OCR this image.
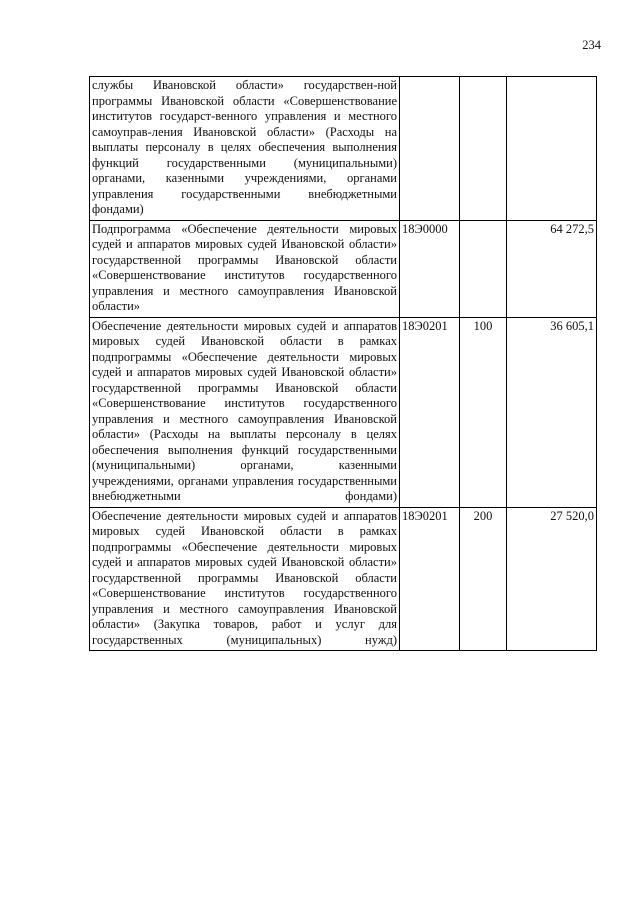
234
службы Ивановской области» государствен-ной программы Ивановской области «Совершенствование институтов государст-венного управления и местного самоуправ-ления Ивановской области» (Расходы на выплаты персоналу в целях обеспечения выполнения функций государственными (муниципальными) органами, казенными учреждениями, органами управления государственными внебюджетными фондами)			
Подпрограмма «Обеспечение деятельности мировых судей и аппаратов мировых судей Ивановской области» государственной программы Ивановской области «Совершенствование институтов государственного управления и местного самоуправления Ивановской области»	18Э0000		64 272,5
Обеспечение деятельности мировых судей и аппаратов мировых судей Ивановской области в рамках подпрограммы «Обеспечение деятельности мировых судей и аппаратов мировых судей Ивановской области» государственной программы Ивановской области «Совершенствование институтов государственного управления и местного самоуправления Ивановской области» (Расходы на выплаты персоналу в целях обеспечения выполнения функций государственными (муниципальными) органами, казенными учреждениями, органами управления государственными внебюджетными фондами)	18Э0201	100	36 605,1
Обеспечение деятельности мировых судей и аппаратов мировых судей Ивановской области в рамках подпрограммы «Обеспечение деятельности мировых судей и аппаратов мировых судей Ивановской области» государственной программы Ивановской области «Совершенствование институтов государственного управления и местного самоуправления Ивановской области» (Закупка товаров, работ и услуг для государственных (муниципальных) нужд)	18Э0201	200	27 520,0
